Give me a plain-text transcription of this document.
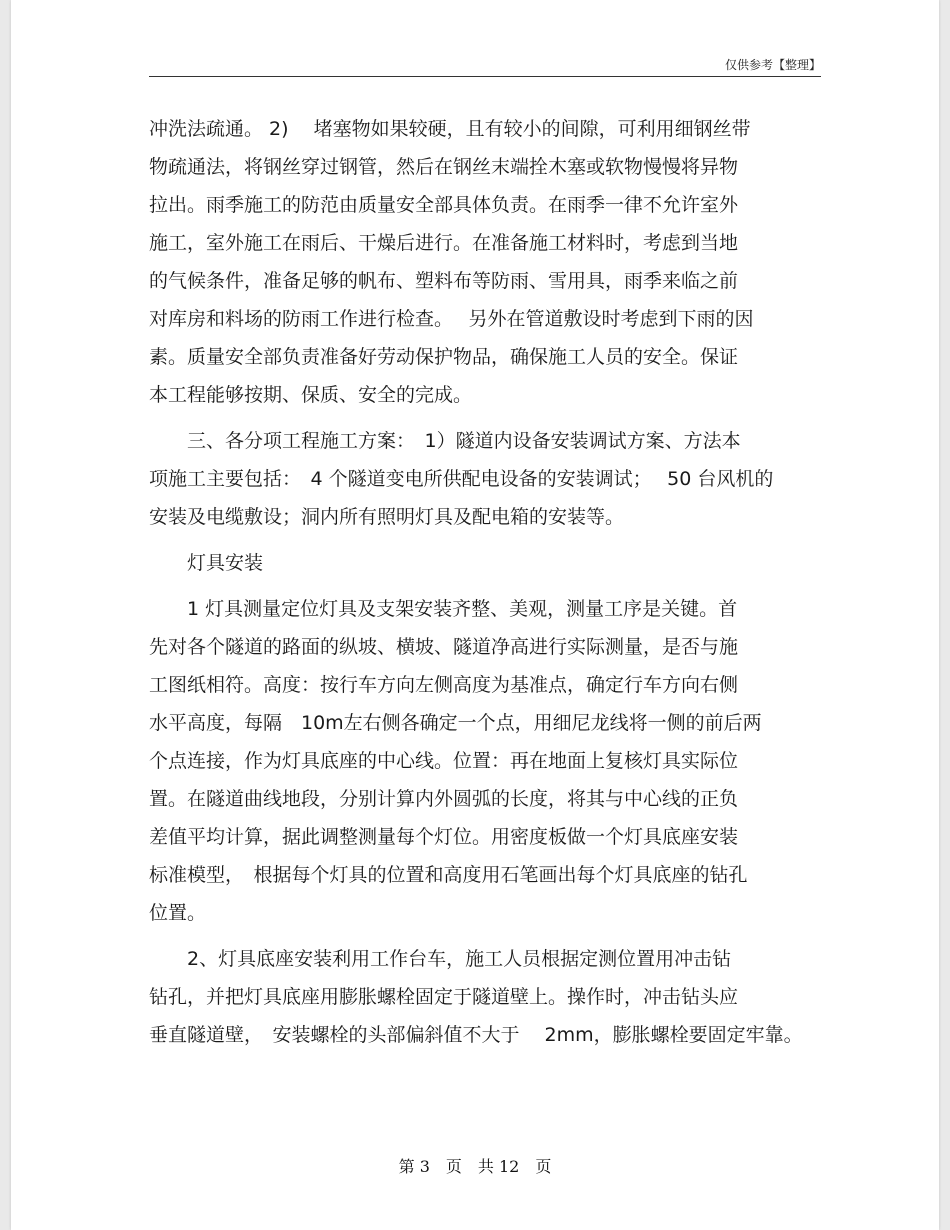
仅供参考【整理】
冲洗法疏通。 2)　 堵塞物如果较硬，且有较小的间隙，可利用细钢丝带
物疏通法，将钢丝穿过钢管，然后在钢丝末端拴木塞或软物慢慢将异物
拉出。雨季施工的防范由质量安全部具体负责。在雨季一律不允许室外
施工，室外施工在雨后、干燥后进行。在准备施工材料时，考虑到当地
的气候条件，准备足够的帆布、塑料布等防雨、雪用具，雨季来临之前
对库房和料场的防雨工作进行检查。　 另外在管道敷设时考虑到下雨的因
素。质量安全部负责准备好劳动保护物品，确保施工人员的安全。保证
本工程能够按期、保质、安全的完成。
　　三、各分项工程施工方案：　1）隧道内设备安装调试方案、方法本
项施工主要包括：　4 个隧道变电所供配电设备的安装调试；　 50 台风机的
安装及电缆敷设；洞内所有照明灯具及配电箱的安装等。
　　灯具安装
　　1 灯具测量定位灯具及支架安装齐整、美观，测量工序是关键。首
先对各个隧道的路面的纵坡、横坡、隧道净高进行实际测量，是否与施
工图纸相符。高度：按行车方向左侧高度为基准点，确定行车方向右侧
水平高度，每隔　10m左右侧各确定一个点，用细尼龙线将一侧的前后两
个点连接，作为灯具底座的中心线。位置：再在地面上复核灯具实际位
置。在隧道曲线地段，分别计算内外圆弧的长度，将其与中心线的正负
差值平均计算，据此调整测量每个灯位。用密度板做一个灯具底座安装
标准模型，　根据每个灯具的位置和高度用石笔画出每个灯具底座的钻孔
位置。
　　2、灯具底座安装利用工作台车，施工人员根据定测位置用冲击钻
钻孔，并把灯具底座用膨胀螺栓固定于隧道壁上。操作时，冲击钻头应
垂直隧道壁，　安装螺栓的头部偏斜值不大于　 2mm，膨胀螺栓要固定牢靠。
第 3　页　共 12　页
